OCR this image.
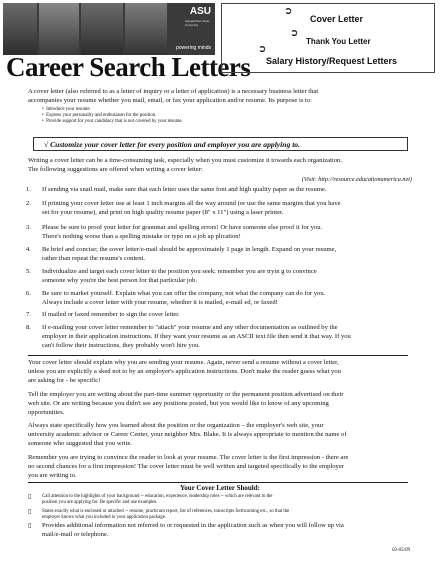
ASU
Appalachian State University
powering minds
Career Search Letters
➲
Cover Letter
➲
Thank You Letter
➲
Salary History/Request Letters
A cover letter (also referred to as a letter of inquiry or a letter of application) is a necessary business letter that
accompanies your resume whether you mail, email, or fax your application and/or resume. Its purpose is to:
•  Introduce your resume.
•  Express your personality and enthusiasm for the position.
•  Provide support for your candidacy that is not covered by your resume.
√ Customize your cover letter for every position and employer you are applying to.
Writing a cover letter can be a time-consuming task, especially when you must customize it towards each organization.
The following suggestions are offered when writing a cover letter:
(Visit: http://resource.educationamerica.net)
1. If sending via snail mail, make sure that each letter uses the same font and high quality paper as the resume.
2. If printing your cover letter use at least 1 inch margins all the way around (or use the same margins that you have
set for your resume), and print on high quality resume paper (8" x 11") using a laser printer.
3. Please be sure to proof your letter for grammar and spelling errors! Or have someone else proof it for you.
There's nothing worse than a spelling mistake or typo on a job ap plication!
4. Be brief and concise; the cover letter/e-mail should be approximately 1 page in length. Expand on your resume,
rather than repeat the resume's content.
5. Individualize and target each cover letter to the position you seek; remember you are tryin g to convince
someone why you're the best person for that particular job.
6. Be sure to market yourself. Explain what you can offer the company, not what the company can do for you.
Always include a cover letter with your resume, whether it is mailed, e-mail ed, or faxed!
7. If mailed or faxed remember to sign the cover letter.
8. If e-mailing your cover letter remember to "attach" your resume and any other documentation as outlined by the
employer in their application instructions. If they want your resume as an ASCII text file then send it that way. If you
can't follow their instructions, they probably won't hire you.
Your cover letter should explain why you are sending your resume. Again, never send a resume without a cover letter,
unless you are explicitly a sked not to by an employer's application instructions. Don't make the reader guess what you
are asking for - be specific!
Tell the employer you are writing about the part-time summer opportunity or the permanent position advertised on their
web site. Or are writing because you didn't see any positions posted, but you would like to know of any upcoming
opportunities.
Always state specifically how you learned about the position or the organization – the employer's web site, your
university academic advisor or Career Center, your neighbor Mrs. Blake. It is always appropriate to mention the name of
someone who suggested that you write.
Remember you are trying to convince the reader to look at your resume. The cover letter is the first impression - there are
no second chances for a first impression! The cover letter must be well written and targeted specifically to the employer
you are writing to.
Your Cover Letter Should:
▯ Call attention to the highlights of your background -- education, experience, leadership roles -- which are relevant to the
position you are applying for. Be specific and use examples.
▯ States exactly what is enclosed or attached -- resume, practicum report, list of references, transcripts forthcoming etc., so that the
employer knows what you included in your application package.
▯ Provides additional information not referred to or requested in the application such as when you will follow up via
mail/e-mail or telephone.
03-05/09
